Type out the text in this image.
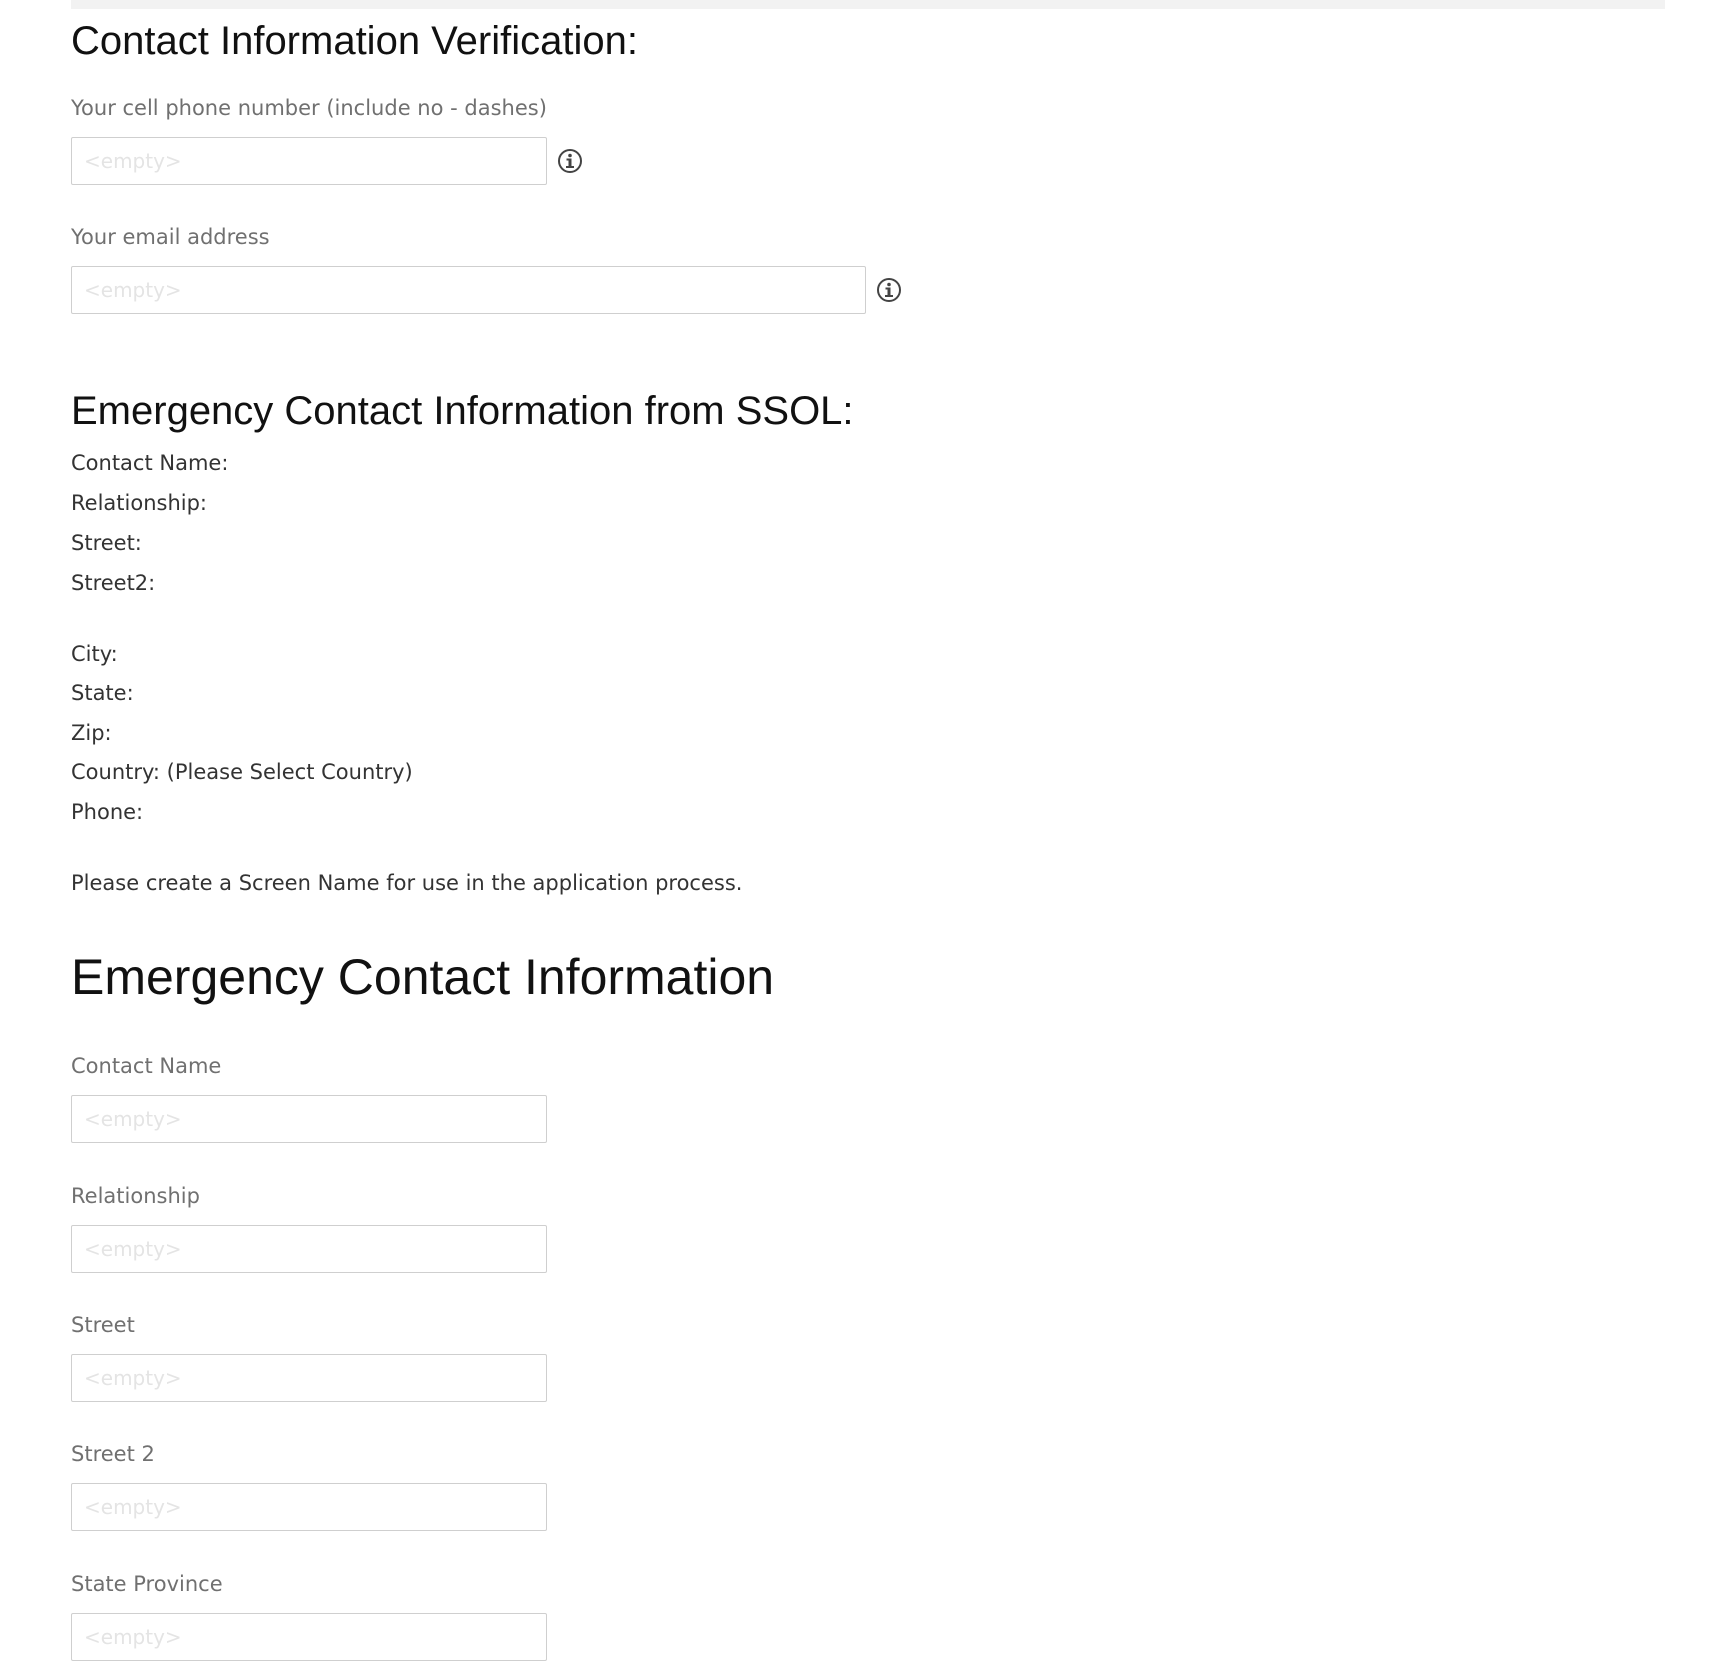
Contact Information Verification:
Your cell phone number (include no - dashes)
<empty>
Your email address
<empty>
Emergency Contact Information from SSOL:
Contact Name:
Relationship:
Street:
Street2:
City:
State:
Zip:
Country: (Please Select Country)
Phone:
Please create a Screen Name for use in the application process.
Emergency Contact Information
Contact Name
<empty>
Relationship
<empty>
Street
<empty>
Street 2
<empty>
State Province
<empty>
